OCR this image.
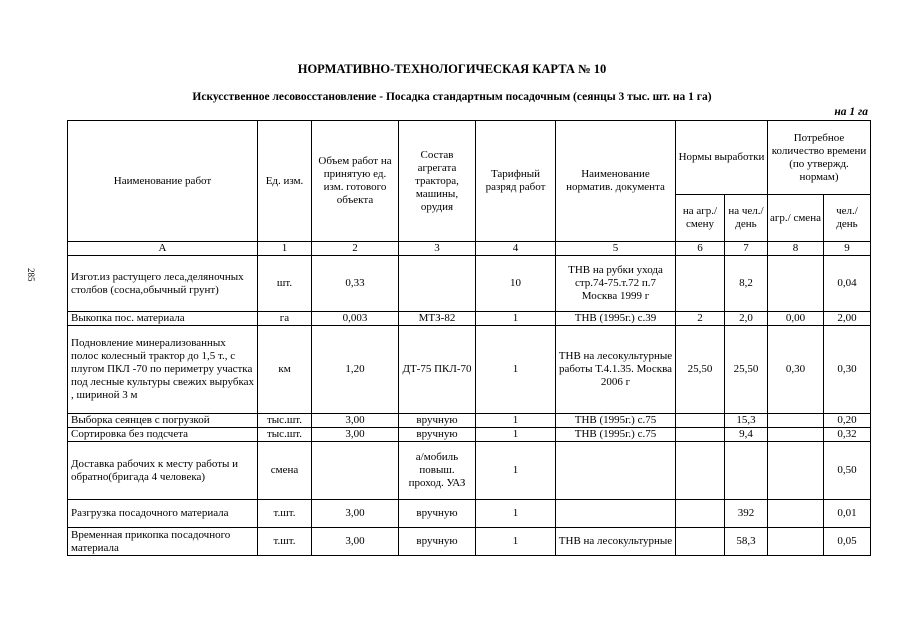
285
НОРМАТИВНО-ТЕХНОЛОГИЧЕСКАЯ КАРТА № 10
Искусственное лесовосстановление - Посадка стандартным посадочным (сеянцы 3 тыс. шт. на 1 га)
на 1 га
Наименование работ	Ед. изм.	Объем работ на принятую ед. изм. готового объекта	Состав агрегата трактора, машины, орудия	Тарифный разряд работ	Наименование норматив. документа	Нормы выработки		Потребное количество времени (по утвержд. нормам)	
						на агр./ смену	на чел./ день	агр./ смена	чел./ день
А	1	2	3	4	5	6	7	8	9
Изгот.из растущего леса,деляночных столбов (сосна,обычный грунт)	шт.	0,33		10	ТНВ на рубки ухода стр.74-75.т.72 п.7 Москва 1999 г		8,2		0,04
Выкопка пос. материала	га	0,003	МТЗ-82	1	ТНВ (1995г.) с.39	2	2,0	0,00	2,00
Подновление минерализованных полос колесный трактор до 1,5 т., с плугом ПКЛ -70 по периметру участка под лесные культуры свежих вырубках , шириной 3 м	км	1,20	ДТ-75 ПКЛ-70	1	ТНВ на лесокультурные работы Т.4.1.35. Москва 2006 г	25,50	25,50	0,30	0,30
Выборка сеянцев с погрузкой	тыс.шт.	3,00	вручную	1	ТНВ (1995г.) с.75		15,3		0,20
Сортировка без подсчета	тыс.шт.	3,00	вручную	1	ТНВ (1995г.) с.75		9,4		0,32
Доставка рабочих к месту работы и обратно(бригада 4 человека)	смена		а/мобиль повыш. проход. УАЗ	1					0,50
Разгрузка посадочного материала	т.шт.	3,00	вручную	1			392		0,01
Временная прикопка посадочного материала	т.шт.	3,00	вручную	1	ТНВ на лесокультурные		58,3		0,05
